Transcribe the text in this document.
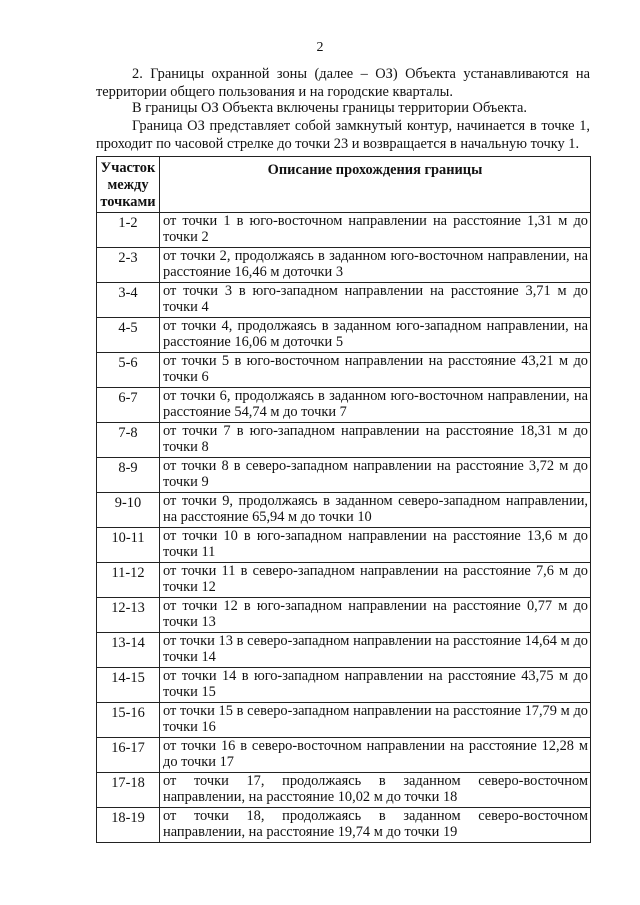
2

2. Границы охранной зоны (далее – ОЗ) Объекта устанавливаются на территории общего пользования и на городские кварталы.

В границы ОЗ Объекта включены границы территории Объекта.

Граница ОЗ представляет собой замкнутый контур, начинается в точке 1, проходит по часовой стрелке до точки 23 и возвращается в начальную точку 1.

Участок между точками	Описание прохождения границы
1-2	от точки 1 в юго-восточном направлении на расстояние 1,31 м до точки 2
2-3	от точки 2, продолжаясь в заданном юго-восточном направлении, на расстояние 16,46 м доточки 3
3-4	от точки 3 в юго-западном направлении на расстояние 3,71 м до точки 4
4-5	от точки 4, продолжаясь в заданном юго-западном направлении, на расстояние 16,06 м доточки 5
5-6	от точки 5 в юго-восточном направлении на расстояние 43,21 м до точки 6
6-7	от точки 6, продолжаясь в заданном юго-восточном направлении, на расстояние 54,74 м до точки 7
7-8	от точки 7 в юго-западном направлении на расстояние 18,31 м до точки 8
8-9	от точки 8 в северо-западном направлении на расстояние 3,72 м до точки 9
9-10	от точки 9, продолжаясь в заданном северо-западном направлении, на расстояние 65,94 м до точки 10
10-11	от точки 10 в юго-западном направлении на расстояние 13,6 м до точки 11
11-12	от точки 11 в северо-западном направлении на расстояние 7,6 м до точки 12
12-13	от точки 12 в юго-западном направлении на расстояние 0,77 м до точки 13
13-14	от точки 13 в северо-западном направлении на расстояние 14,64 м до точки 14
14-15	от точки 14 в юго-западном направлении на расстояние 43,75 м до точки 15
15-16	от точки 15 в северо-западном направлении на расстояние 17,79 м до точки 16
16-17	от точки 16 в северо-восточном направлении на расстояние 12,28 м до точки 17
17-18	от точки 17, продолжаясь в заданном северо-восточном направлении, на расстояние 10,02 м до точки 18
18-19	от точки 18, продолжаясь в заданном северо-восточном направлении, на расстояние 19,74 м до точки 19
